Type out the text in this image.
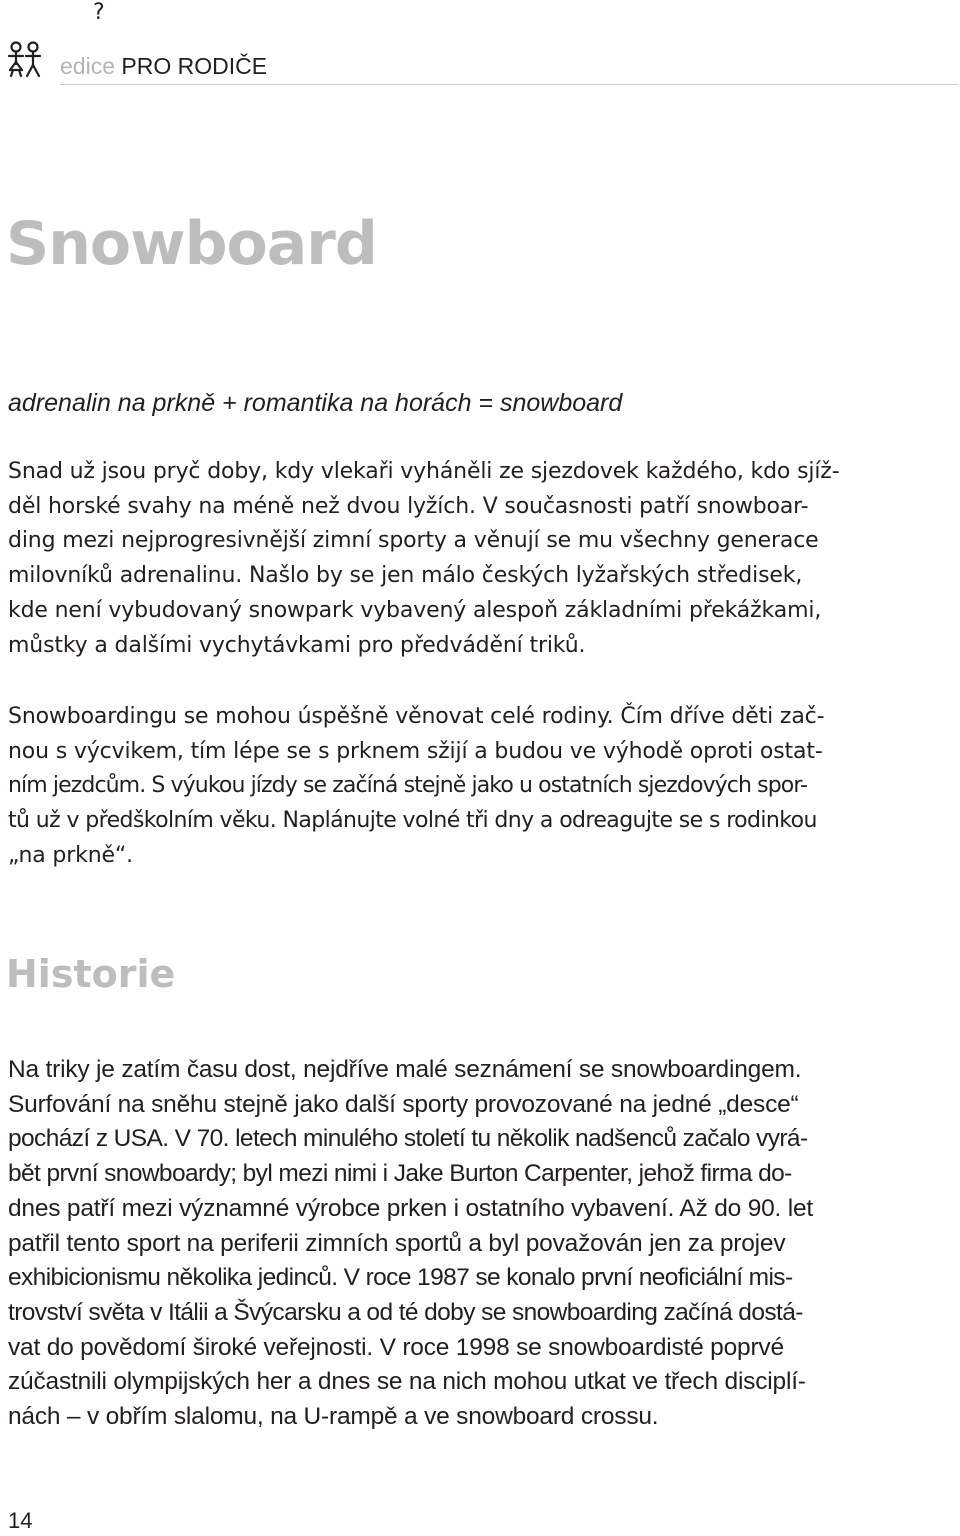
?
edice PRO RODIČE
Snowboard
adrenalin na prkně + romantika na horách = snowboard
Snad už jsou pryč doby, kdy vlekaři vyháněli ze sjezdovek každého, kdo sjíž-
děl horské svahy na méně než dvou lyžích. V současnosti patří snowboar-
ding mezi nejprogresivnější zimní sporty a věnují se mu všechny generace
milovníků adrenalinu. Našlo by se jen málo českých lyžařských středisek,
kde není vybudovaný snowpark vybavený alespoň základními překážkami,
můstky a dalšími vychytávkami pro předvádění triků.
Snowboardingu se mohou úspěšně věnovat celé rodiny. Čím dříve děti zač-
nou s výcvikem, tím lépe se s prknem sžijí a budou ve výhodě oproti ostat-
ním jezdcům. S výukou jízdy se začíná stejně jako u ostatních sjezdových spor-
tů už v předškolním věku. Naplánujte volné tři dny a odreagujte se s rodinkou
„na prkně“.
Historie
Na triky je zatím času dost, nejdříve malé seznámení se snowboardingem.
Surfování na sněhu stejně jako další sporty provozované na jedné „desce“
pochází z USA. V 70. letech minulého století tu několik nadšenců začalo vyrá-
bět první snowboardy; byl mezi nimi i Jake Burton Carpenter, jehož firma do-
dnes patří mezi významné výrobce prken i ostatního vybavení. Až do 90. let
patřil tento sport na periferii zimních sportů a byl považován jen za projev
exhibicionismu několika jedinců. V roce 1987 se konalo první neoficiální mis-
trovství světa v Itálii a Švýcarsku a od té doby se snowboarding začíná dostá-
vat do povědomí široké veřejnosti. V roce 1998 se snowboardisté poprvé
zúčastnili olympijských her a dnes se na nich mohou utkat ve třech disciplí-
nách – v obřím slalomu, na U-rampě a ve snowboard crossu.
14
